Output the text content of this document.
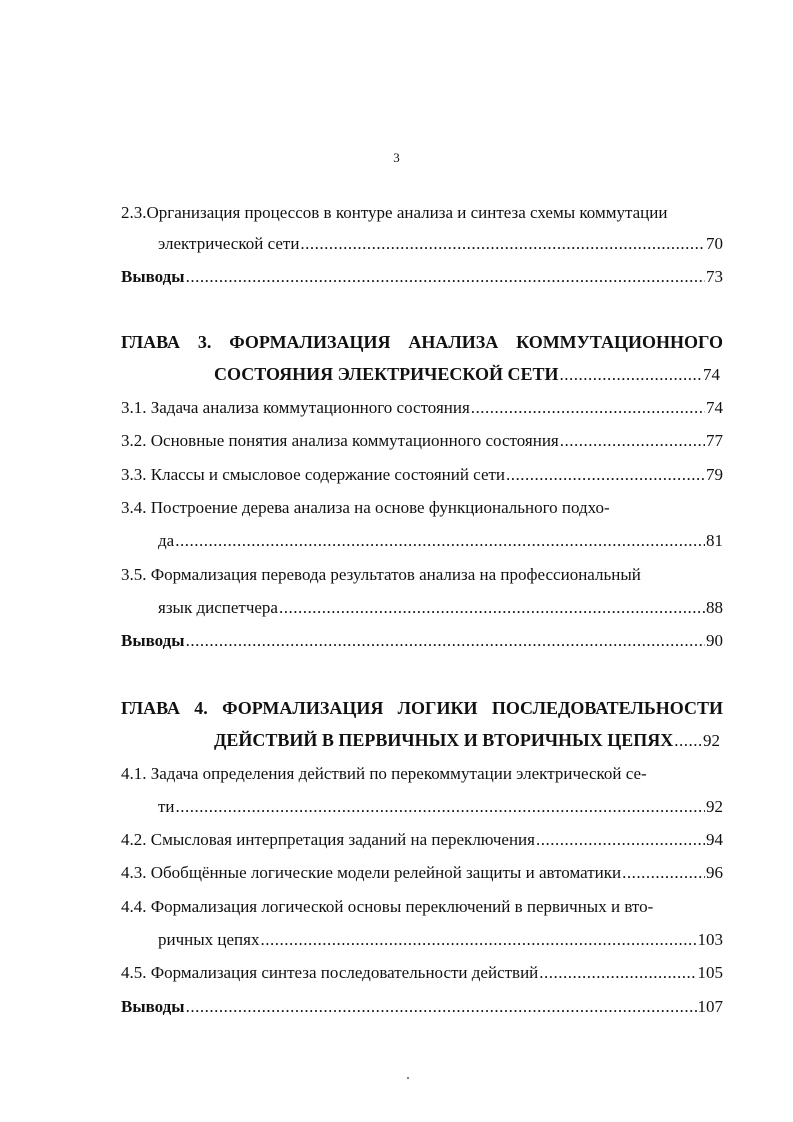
3
2.3.Организация процессов в контуре анализа и синтеза схемы коммутации
электрической сети .....	70
Выводы .....	73
ГЛАВА 3. ФОРМАЛИЗАЦИЯ АНАЛИЗА КОММУТАЦИОННОГО
СОСТОЯНИЯ ЭЛЕКТРИЧЕСКОЙ СЕТИ .....	74
3.1. Задача анализа коммутационного состояния .....	74
3.2. Основные понятия анализа коммутационного состояния .....	77
3.3. Классы и смысловое содержание состояний сети .....	79
3.4. Построение дерева анализа на основе функционального подхо-
да .....	81
3.5. Формализация перевода результатов анализа на профессиональный
язык диспетчера .....	88
Выводы .....	90
ГЛАВА 4. ФОРМАЛИЗАЦИЯ ЛОГИКИ ПОСЛЕДОВАТЕЛЬНОСТИ
ДЕЙСТВИЙ В ПЕРВИЧНЫХ И ВТОРИЧНЫХ ЦЕПЯХ ..... 92
4.1. Задача определения действий по перекоммутации электрической се-
ти .....	92
4.2. Смысловая интерпретация заданий на переключения .....	94
4.3. Обобщённые логические модели релейной защиты и автоматики .....	96
4.4. Формализация логической основы переключений в первичных и вто-
ричных цепях .....	103
4.5. Формализация синтеза последовательности действий .....	105
Выводы .....	107
